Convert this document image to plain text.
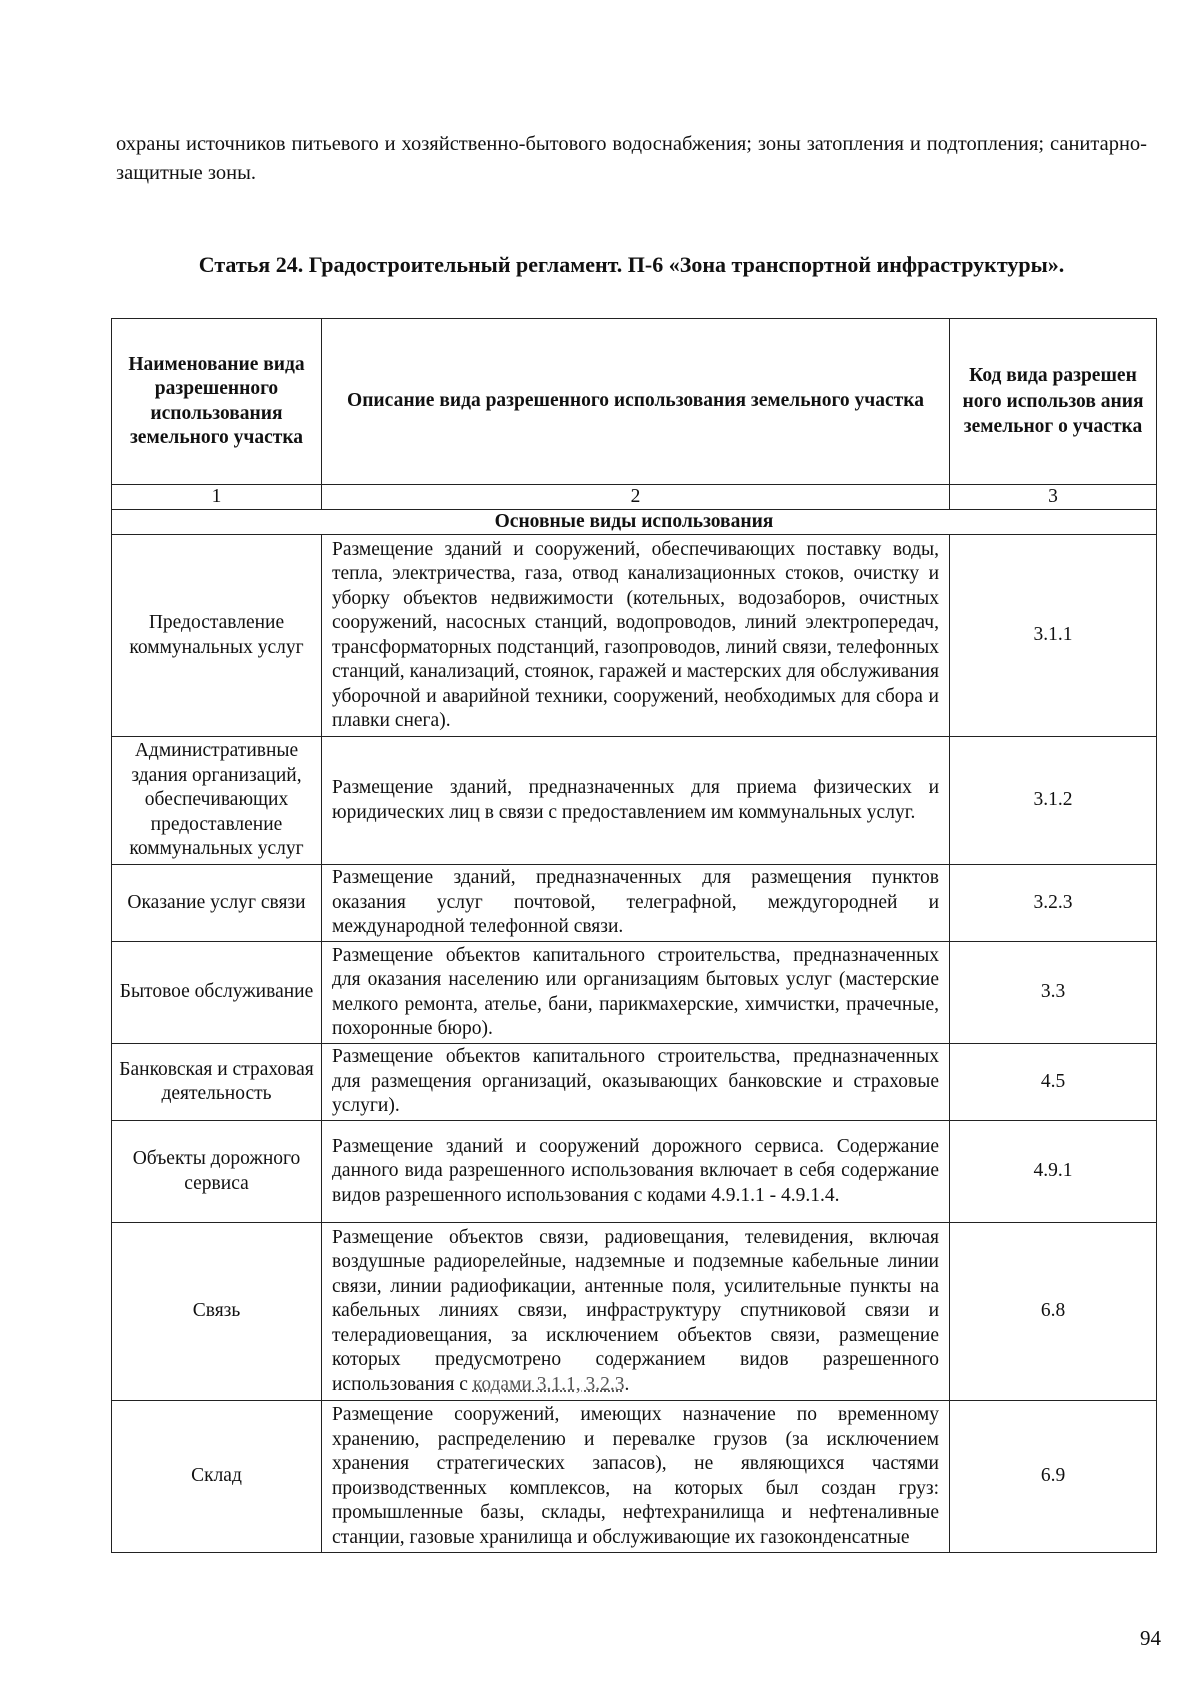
охраны источников питьевого и хозяйственно-бытового водоснабжения; зоны затопления и подтопления; санитарно-защитные зоны.

Статья 24. Градостроительный регламент. П-6 «Зона транспортной инфраструктуры».
Наименование вида разрешенного использования земельного участка	Описание вида разрешенного использования земельного участка	Код вида разрешен ного использов ания земельног о участка
1	2	3
Основные виды использования		
Предоставление коммунальных услуг	Размещение зданий и сооружений, обеспечивающих поставку воды, тепла, электричества, газа, отвод канализационных стоков, очистку и уборку объектов недвижимости (котельных, водозаборов, очистных сооружений, насосных станций, водопроводов, линий электропередач, трансформаторных подстанций, газопроводов, линий связи, телефонных станций, канализаций, стоянок, гаражей и мастерских для обслуживания уборочной и аварийной техники, сооружений, необходимых для сбора и плавки снега).	3.1.1
Административные здания организаций, обеспечивающих предоставление коммунальных услуг	Размещение зданий, предназначенных для приема физических и юридических лиц в связи с предоставлением им коммунальных услуг.	3.1.2
Оказание услуг связи	Размещение зданий, предназначенных для размещения пунктов оказания услуг почтовой, телеграфной, междугородней и международной телефонной связи.	3.2.3
Бытовое обслуживание	Размещение объектов капитального строительства, предназначенных для оказания населению или организациям бытовых услуг (мастерские мелкого ремонта, ателье, бани, парикмахерские, химчистки, прачечные, похоронные бюро).	3.3
Банковская и страховая деятельность	Размещение объектов капитального строительства, предназначенных для размещения организаций, оказывающих банковские и страховые услуги).	4.5
Объекты дорожного сервиса	Размещение зданий и сооружений дорожного сервиса. Содержание данного вида разрешенного использования включает в себя содержание видов разрешенного использования с кодами 4.9.1.1 - 4.9.1.4.	4.9.1
Связь	Размещение объектов связи, радиовещания, телевидения, включая воздушные радиорелейные, надземные и подземные кабельные линии связи, линии радиофикации, антенные поля, усилительные пункты на кабельных линиях связи, инфраструктуру спутниковой связи и телерадиовещания, за исключением объектов связи, размещение которых предусмотрено содержанием видов разрешенного использования с кодами 3.1.1, 3.2.3.	6.8
Склад	Размещение сооружений, имеющих назначение по временному хранению, распределению и перевалке грузов (за исключением хранения стратегических запасов), не являющихся частями производственных комплексов, на которых был создан груз: промышленные базы, склады, нефтехранилища и нефтеналивные станции, газовые хранилища и обслуживающие их газоконденсатные	6.9
94
